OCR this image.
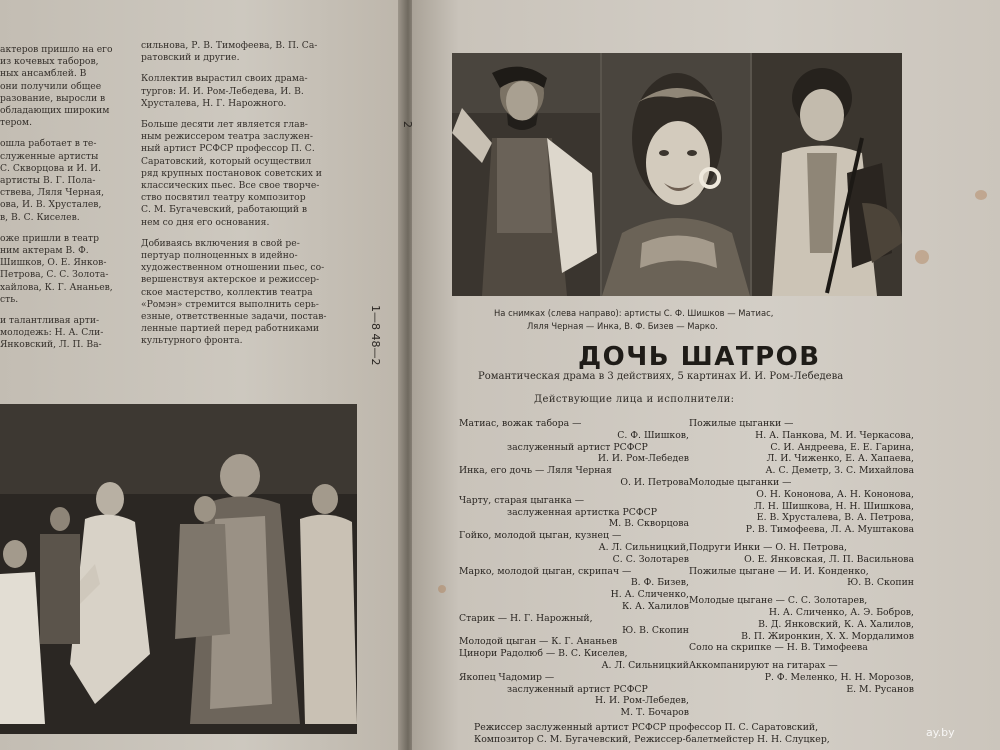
актеров пришло на его

из кочевых таборов,

ных ансамблей. В

они получили общее

разование, выросли в

обладающих широким

тером.

ошла работает в те-

служенные артисты

С. Скворцова и И. И.

артисты В. Г. Пола-

ствева, Ляля Черная,

ова, И. В. Хрусталев,

в, В. С. Киселев.

оже пришли в театр

ним актерам В. Ф.

Шишков, О. Е. Янков-

Петрова, С. С. Золота-

хайлова, К. Г. Ананьев,

сть.

и талантливая арти-

молодежь: Н. А. Сли-

Янковский, Л. П. Ва-

сильнова, Р. В. Тимофеева, В. П. Са-

ратовский и другие.

Коллектив вырастил своих драма-

тургов: И. И. Ром-Лебедева, И. В.

Хрусталева, Н. Г. Нарожного.

Больше десяти лет является глав-

ным режиссером театра заслужен-

ный артист РСФСР профессор П. С.

Саратовский, который осуществил

ряд крупных постановок советских и

классических пьес. Все свое творче-

ство посвятил театру композитор

С. М. Бугачевский, работающий в

нем со дня его основания.

Добиваясь включения в свой ре-

пертуар полноценных в идейно-

художественном отношении пьес, со-

вершенствуя актерское и режиссер-

ское мастерство, коллектив театра

«Ромэн» стремится выполнить серь-

езные, ответственные задачи, постав-

ленные партией перед работниками

культурного фронта.

На снимках (слева направо): артисты С. Ф. Шишков — Матиас,
Ляля Черная — Инка, В. Ф. Бизев — Марко.
ДОЧЬ ШАТРОВ
Романтическая драма в 3 действиях, 5 картинах И. И. Ром-Лебедева
Действующие лица и исполнители:

Матиас, вожак табора —

С. Ф. Шишков,

заслуженный артист РСФСР

И. И. Ром-Лебедев

Инка, его дочь — Ляля Черная

О. И. Петрова

Чарту, старая цыганка —

заслуженная артистка РСФСР

М. В. Скворцова

Гойко, молодой цыган, кузнец —

А. Л. Сильницкий,

С. С. Золотарев

Марко, молодой цыган, скрипач —

В. Ф. Бизев,

Н. А. Сличенко,

К. А. Халилов

Старик — Н. Г. Нарожный,

Ю. В. Скопин

Молодой цыган — К. Г. Ананьев

Цинори Радолюб — В. С. Киселев,

А. Л. Сильницкий

Якопец Чадомир —

заслуженный артист РСФСР

Н. И. Ром-Лебедев,

М. Т. Бочаров

Пожилые цыганки —

Н. А. Панкова, М. И. Черкасова,

С. И. Андреева, Е. Е. Гарина,

Л. И. Чиженко, Е. А. Хапаева,

А. С. Деметр, З. С. Михайлова

Молодые цыганки —

О. Н. Кононова, А. Н. Кононова,

Л. Н. Шишкова, Н. Н. Шишкова,

Е. В. Хрусталева, В. А. Петрова,

Р. В. Тимофеева, Л. А. Муштакова

Подруги Инки — О. Н. Петрова,

О. Е. Янковская, Л. П. Васильнова

Пожилые цыгане — И. И. Конденко,

Ю. В. Скопин

Молодые цыгане — С. С. Золотарев,

Н. А. Сличенко, А. Э. Бобров,

В. Д. Янковский, К. А. Халилов,

В. П. Жиронкин, Х. Х. Мордалимов

Соло на скрипке — Н. В. Тимофеева

Аккомпанируют на гитарах —

Р. Ф. Меленко, Н. Н. Морозов,

Е. М. Русанов

Режиссер заслуженный артист РСФСР профессор П. С. Саратовский,
Композитор С. М. Бугачевский, Режиссер-балетмейстер Н. Н. Слуцкер,
2
1—8 48—2
ay.by
